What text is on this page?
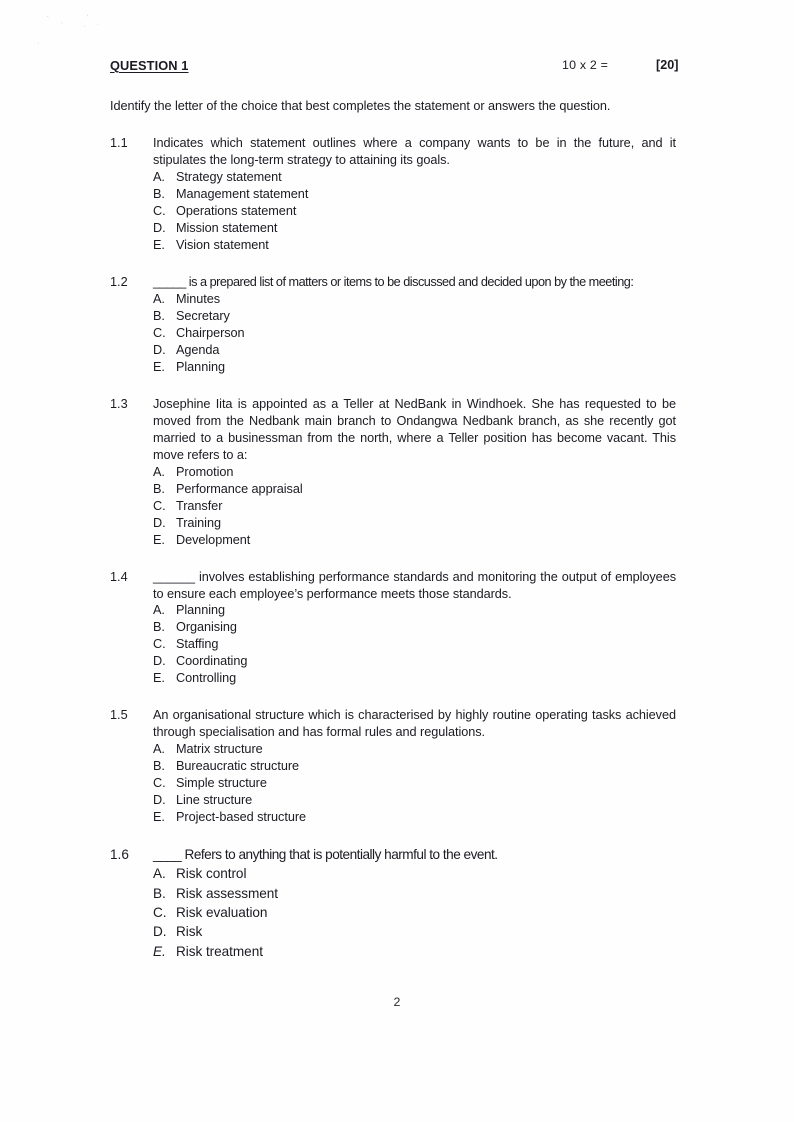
‵ ˜
′
·
˚
’
QUESTION 1	10 x 2 =	[20]
Identify the letter of the choice that best completes the statement or answers the question.
1.1 Indicates which statement outlines where a company wants to be in the future, and it stipulates the long-term strategy to attaining its goals.
A. Strategy statement
B. Management statement
C. Operations statement
D. Mission statement
E. Vision statement
1.2 _____ is a prepared list of matters or items to be discussed and decided upon by the meeting:
A. Minutes
B. Secretary
C. Chairperson
D. Agenda
E. Planning
1.3 Josephine Iita is appointed as a Teller at NedBank in Windhoek. She has requested to be moved from the Nedbank main branch to Ondangwa Nedbank branch, as she recently got married to a businessman from the north, where a Teller position has become vacant. This move refers to a:
A. Promotion
B. Performance appraisal
C. Transfer
D. Training
E. Development
1.4 ______ involves establishing performance standards and monitoring the output of employees to ensure each employee’s performance meets those standards.
A. Planning
B. Organising
C. Staffing
D. Coordinating
E. Controlling
1.5 An organisational structure which is characterised by highly routine operating tasks achieved through specialisation and has formal rules and regulations.
A. Matrix structure
B. Bureaucratic structure
C. Simple structure
D. Line structure
E. Project-based structure
1.6 ____ Refers to anything that is potentially harmful to the event.
A. Risk control
B. Risk assessment
C. Risk evaluation
D. Risk
E. Risk treatment
2
